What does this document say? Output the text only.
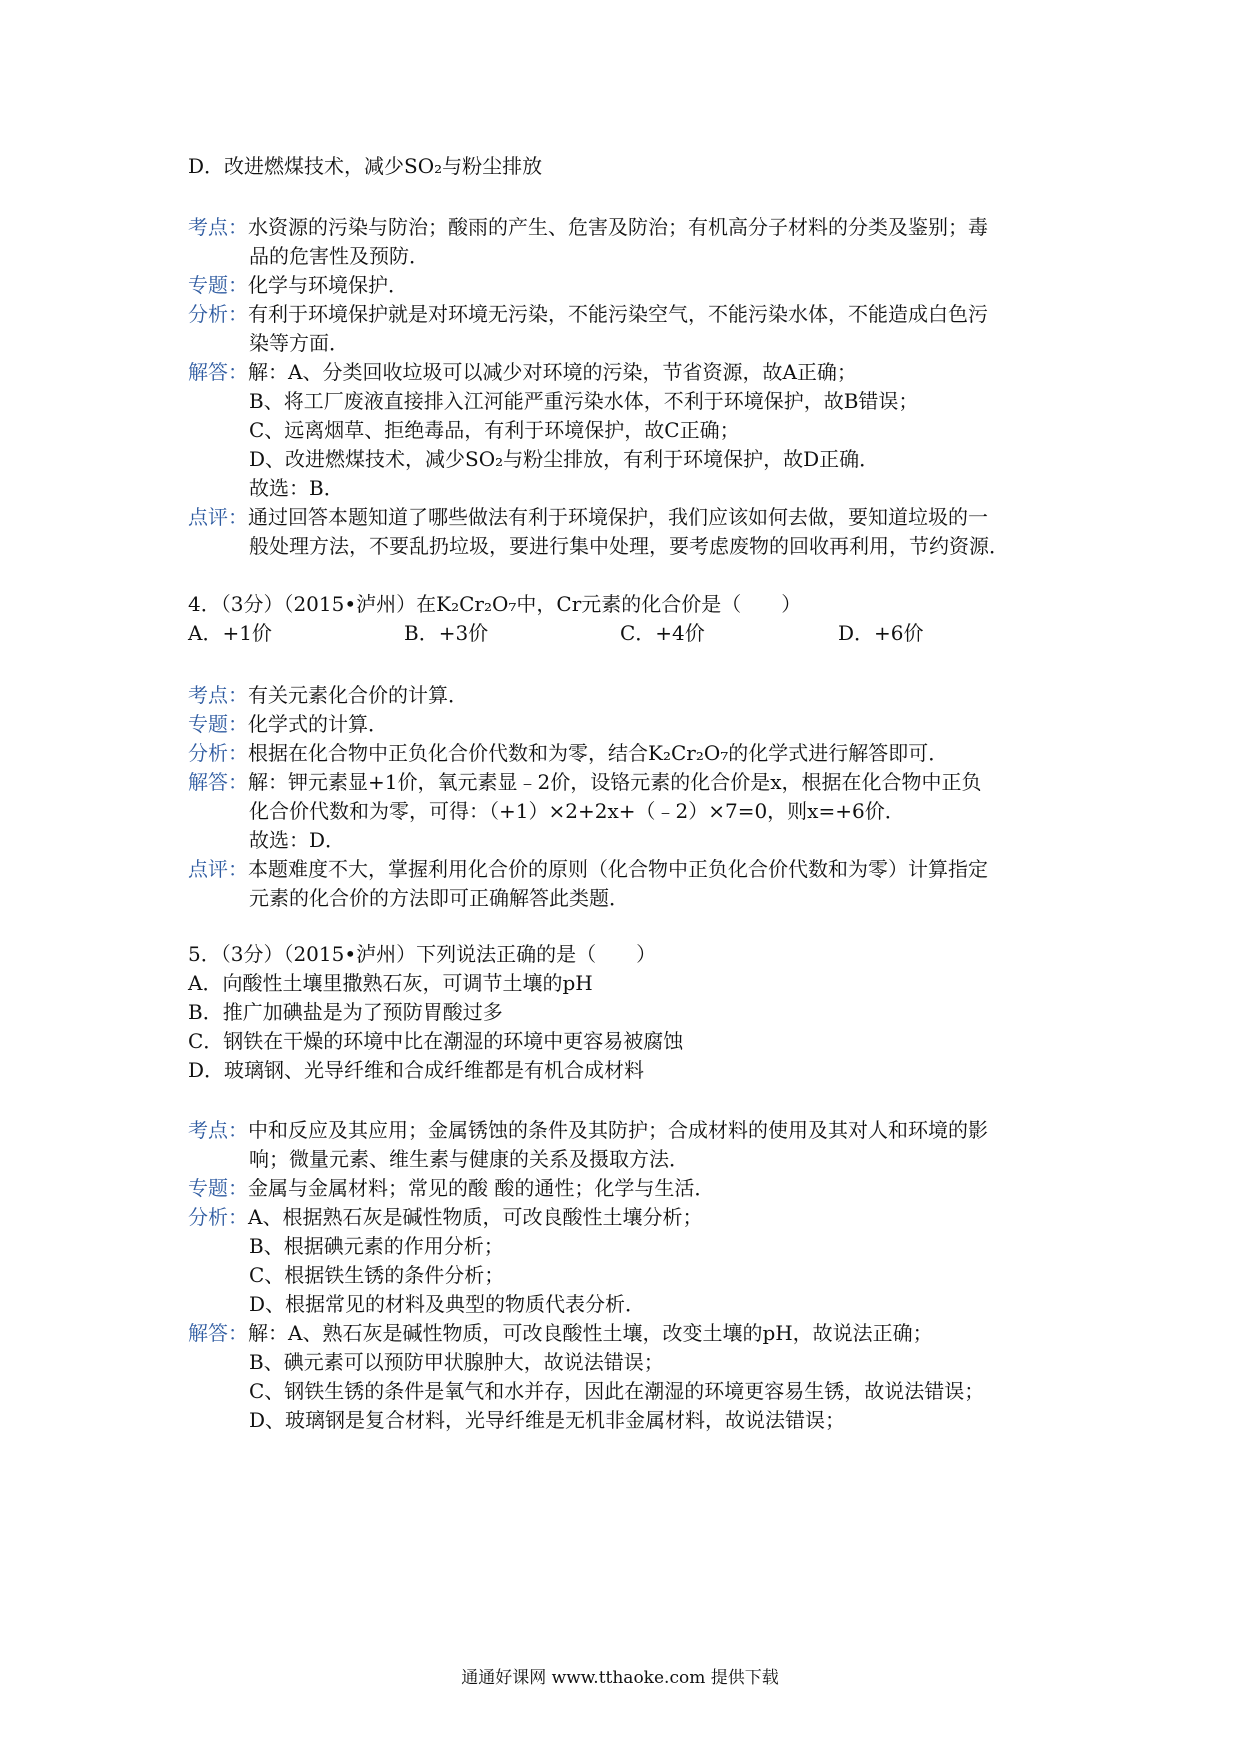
D．改进燃煤技术，减少SO₂与粉尘排放
考点：水资源的污染与防治；酸雨的产生、危害及防治；有机高分子材料的分类及鉴别；毒
品的危害性及预防．
专题：化学与环境保护．
分析：有利于环境保护就是对环境无污染，不能污染空气，不能污染水体，不能造成白色污
染等方面．
解答：解：A、分类回收垃圾可以减少对环境的污染，节省资源，故A正确；
B、将工厂废液直接排入江河能严重污染水体，不利于环境保护，故B错误；
C、远离烟草、拒绝毒品，有利于环境保护，故C正确；
D、改进燃煤技术，减少SO₂与粉尘排放，有利于环境保护，故D正确．
故选：B．
点评：通过回答本题知道了哪些做法有利于环境保护，我们应该如何去做，要知道垃圾的一
般处理方法，不要乱扔垃圾，要进行集中处理，要考虑废物的回收再利用，节约资源．
4．（3分）（2015•泸州）在K₂Cr₂O₇中，Cr元素的化合价是（　　）
A．+1价	B．+3价	C．+4价	D．+6价
考点：有关元素化合价的计算．
专题：化学式的计算．
分析：根据在化合物中正负化合价代数和为零，结合K₂Cr₂O₇的化学式进行解答即可．
解答：解：钾元素显+1价，氧元素显﹣2价，设铬元素的化合价是x，根据在化合物中正负
化合价代数和为零，可得：（+1）×2+2x+（﹣2）×7=0，则x=+6价．
故选：D．
点评：本题难度不大，掌握利用化合价的原则（化合物中正负化合价代数和为零）计算指定
元素的化合价的方法即可正确解答此类题．
5．（3分）（2015•泸州）下列说法正确的是（　　）
A．向酸性土壤里撒熟石灰，可调节土壤的pH
B．推广加碘盐是为了预防胃酸过多
C．钢铁在干燥的环境中比在潮湿的环境中更容易被腐蚀
D．玻璃钢、光导纤维和合成纤维都是有机合成材料
考点：中和反应及其应用；金属锈蚀的条件及其防护；合成材料的使用及其对人和环境的影
响；微量元素、维生素与健康的关系及摄取方法．
专题：金属与金属材料；常见的酸 酸的通性；化学与生活．
分析：A、根据熟石灰是碱性物质，可改良酸性土壤分析；
B、根据碘元素的作用分析；
C、根据铁生锈的条件分析；
D、根据常见的材料及典型的物质代表分析．
解答：解：A、熟石灰是碱性物质，可改良酸性土壤，改变土壤的pH，故说法正确；
B、碘元素可以预防甲状腺肿大，故说法错误；
C、钢铁生锈的条件是氧气和水并存，因此在潮湿的环境更容易生锈，故说法错误；
D、玻璃钢是复合材料，光导纤维是无机非金属材料，故说法错误；
通通好课网 www.tthaoke.com 提供下载
